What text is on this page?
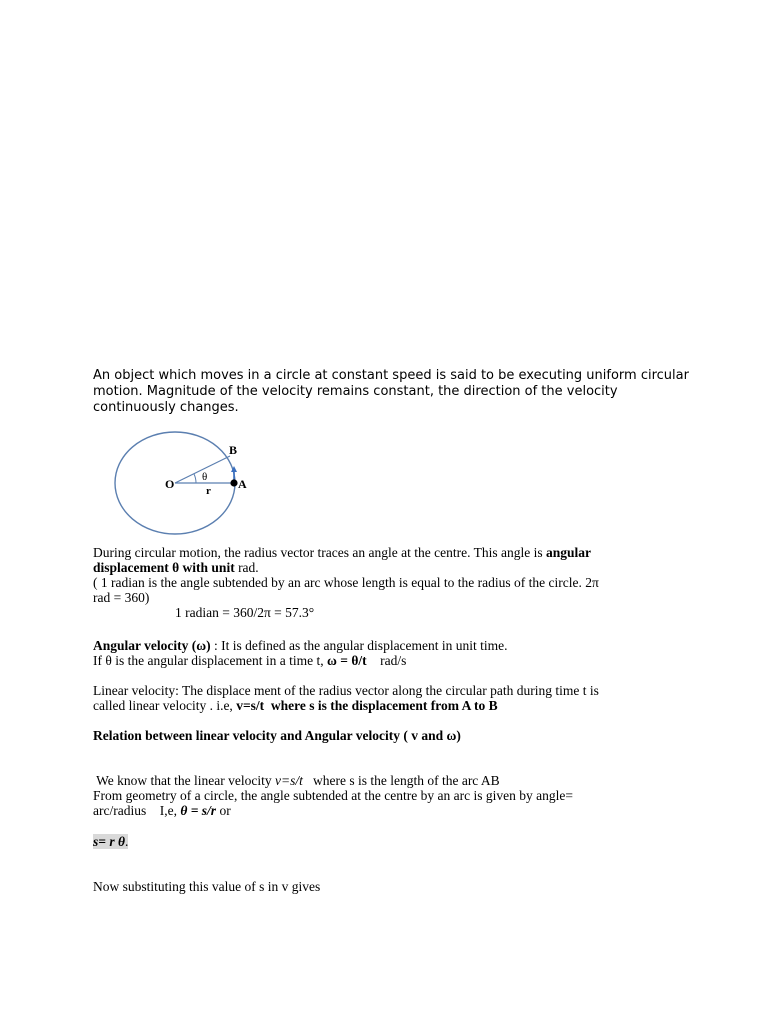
An object which moves in a circle at constant speed is said to be executing uniform circular

motion. Magnitude of the velocity remains constant, the direction of the velocity

continuously changes.

O	A
B
θ
r

During circular motion, the radius vector traces an angle at the centre. This angle is angular

displacement θ with unit rad.

( 1 radian is the angle subtended by an arc whose length is equal to the radius of the circle. 2π

rad = 360)

1 radian = 360/2π = 57.3°

Angular velocity (ω) : It is defined as the angular displacement in unit time.

If θ is the angular displacement in a time t, ω = θ/t    rad/s

Linear velocity: The displace ment of the radius vector along the circular path during time t is

called linear velocity . i.e, v=s/t  where s is the displacement from A to B

Relation between linear velocity and Angular velocity ( v and ω)

We know that the linear velocity v=s/t   where s is the length of the arc AB

From geometry of a circle, the angle subtended at the centre by an arc is given by angle=

arc/radius    I,e, θ = s/r or

s= r θ.

Now substituting this value of s in v gives
